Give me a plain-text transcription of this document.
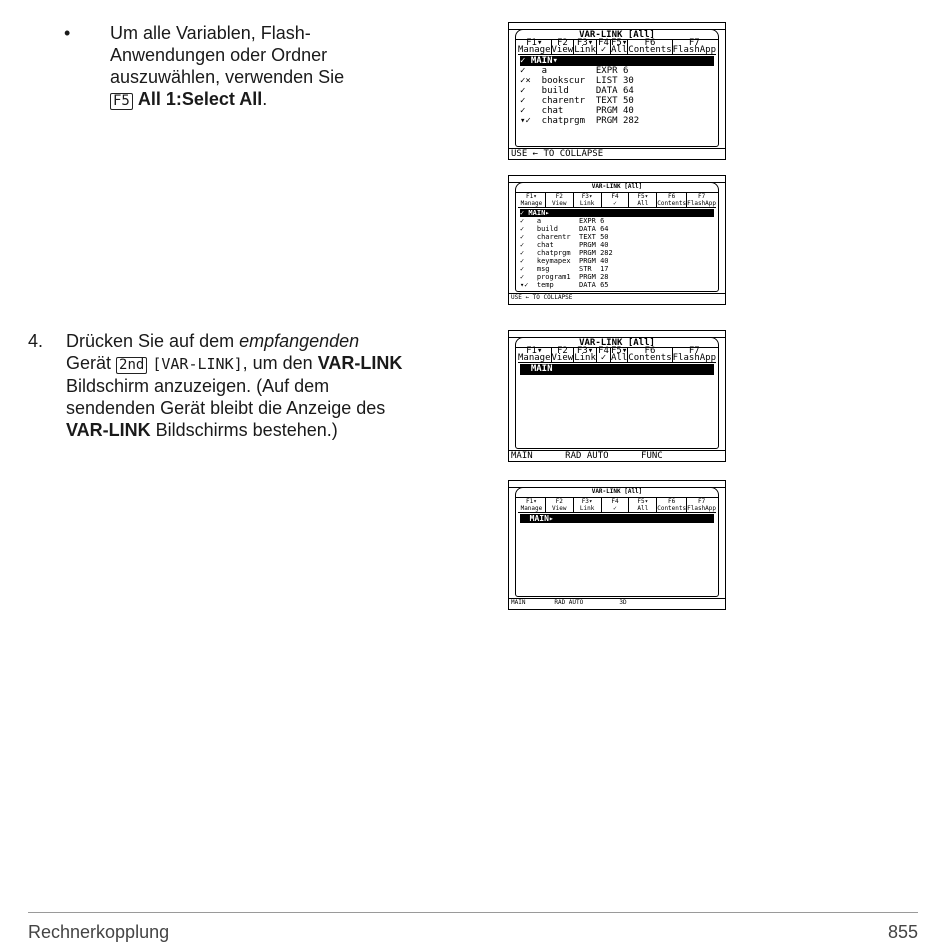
• Um alle Variablen, Flash-
Anwendungen oder Ordner
auszuwählen, verwenden Sie
F5 All 1:Select All.
4. Drücken Sie auf dem empfangenden
Gerät 2nd [VAR-LINK], um den VAR-LINK
Bildschirm anzuzeigen. (Auf dem
sendenden Gerät bleibt die Anzeige des
VAR-LINK Bildschirms bestehen.)
VAR-LINK [All]
F1▾
Manage
F2
View
F3▾
Link
F4
✓
F5▾
All
F6
Contents
F7
FlashApp
✓ MAIN▾
✓   a         EXPR 6
✓×  bookscur  LIST 30
✓   build     DATA 64
✓   charentr  TEXT 50
✓   chat      PRGM 40
▾✓  chatprgm  PRGM 282
USE ← TO COLLAPSE
VAR-LINK [All]
F1▾
Manage
F2
View
F3▾
Link
F4
✓
F5▾
All
F6
Contents
F7
FlashApp
✓ MAIN▸
✓   a         EXPR 6
✓   build     DATA 64
✓   charentr  TEXT 50
✓   chat      PRGM 40
✓   chatprgm  PRGM 282
✓   keymapex  PRGM 40
✓   msg       STR  17
✓   program1  PRGM 28
▾✓  temp      DATA 65
USE ← TO COLLAPSE
VAR-LINK [All]
F1▾
Manage
F2
View
F3▾
Link
F4
✓
F5▾
All
F6
Contents
F7
FlashApp
MAIN
MAIN      RAD AUTO      FUNC
VAR-LINK [All]
F1▾
Manage
F2
View
F3▾
Link
F4
✓
F5▾
All
F6
Contents
F7
FlashApp
MAIN▸
MAIN        RAD AUTO          3D
Rechnerkopplung	855
